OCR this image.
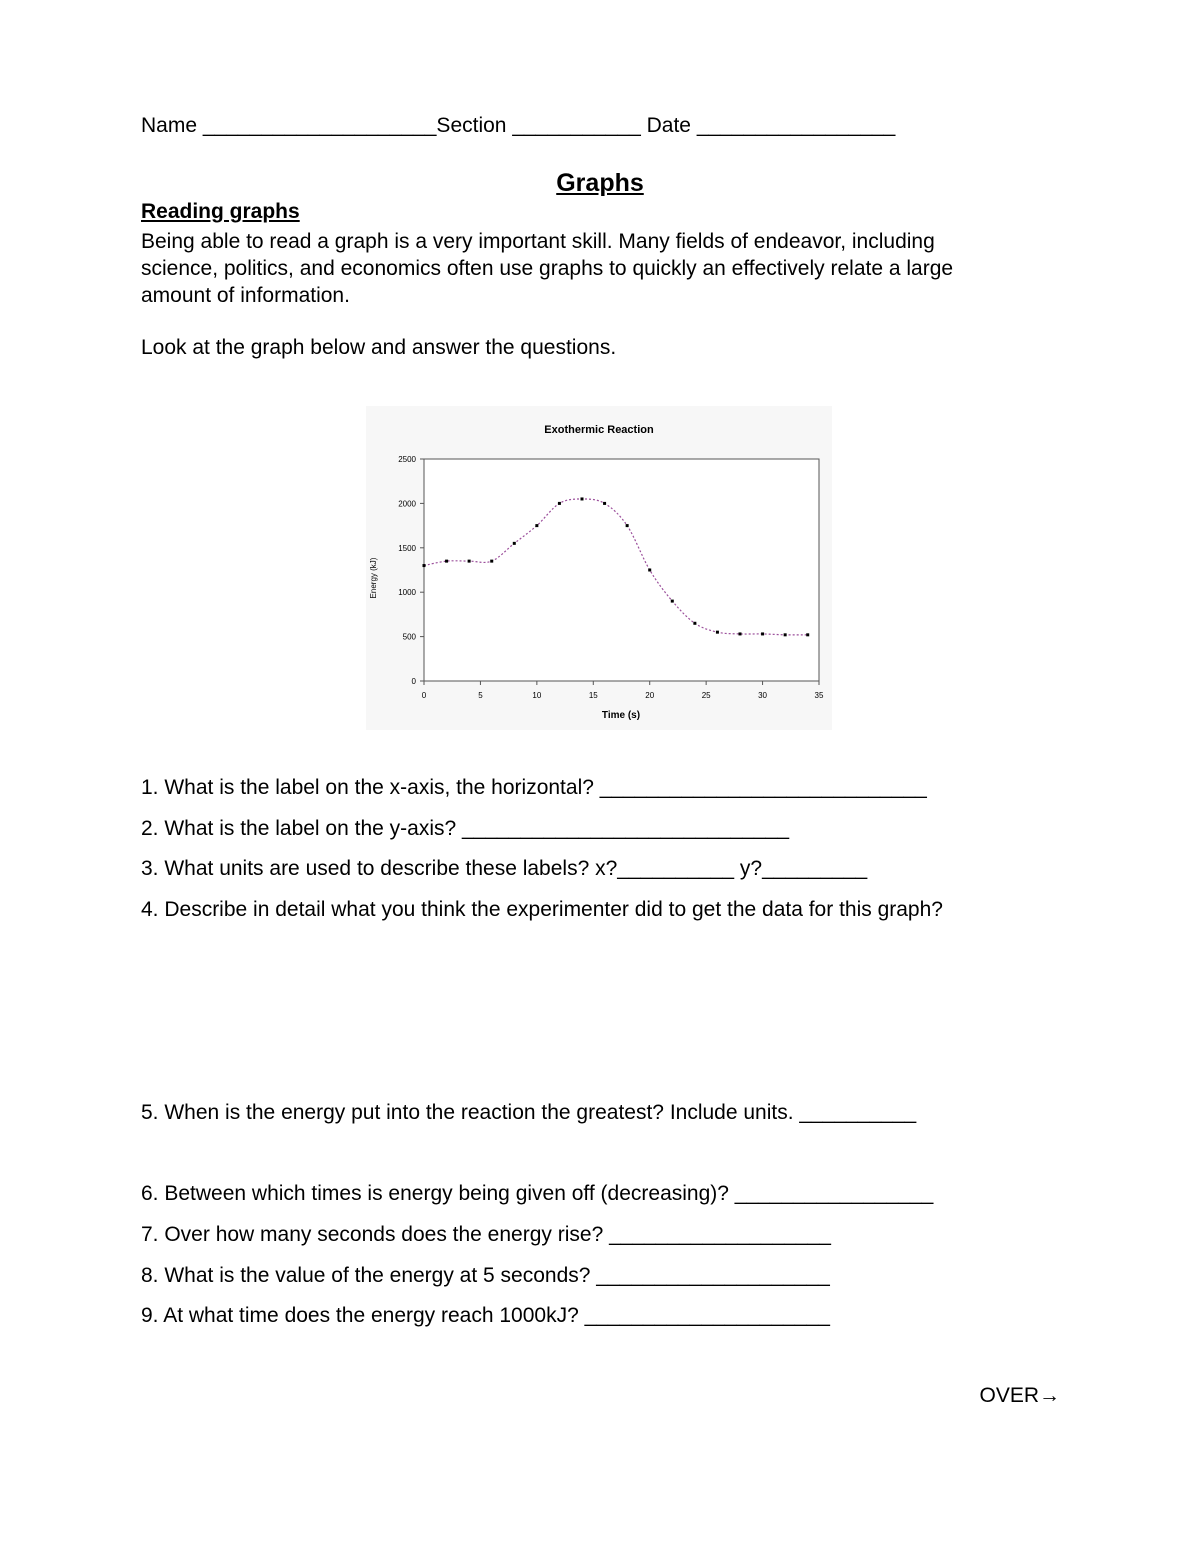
Name ____________________Section ___________ Date _________________
Graphs
Reading graphs
Being able to read a graph is a very important skill. Many fields of endeavor, including
science, politics, and economics often use graphs to quickly an effectively relate a large
amount of information.
Look at the graph below and answer the questions.
Exothermic Reaction
Energy (kJ)
Time (s)
0
500
1000
1500
2000
2500
0	5	10	15	20	25	30	35
1. What is the label on the x-axis, the horizontal? ____________________________
2. What is the label on the y-axis? ____________________________
3. What units are used to describe these labels? x?__________ y?_________
4. Describe in detail what you think the experimenter did to get the data for this graph?
5. When is the energy put into the reaction the greatest? Include units. __________
6. Between which times is energy being given off (decreasing)? _________________
7. Over how many seconds does the energy rise? ___________________
8. What is the value of the energy at 5 seconds? ____________________
9. At what time does the energy reach 1000kJ? _____________________
OVER→
